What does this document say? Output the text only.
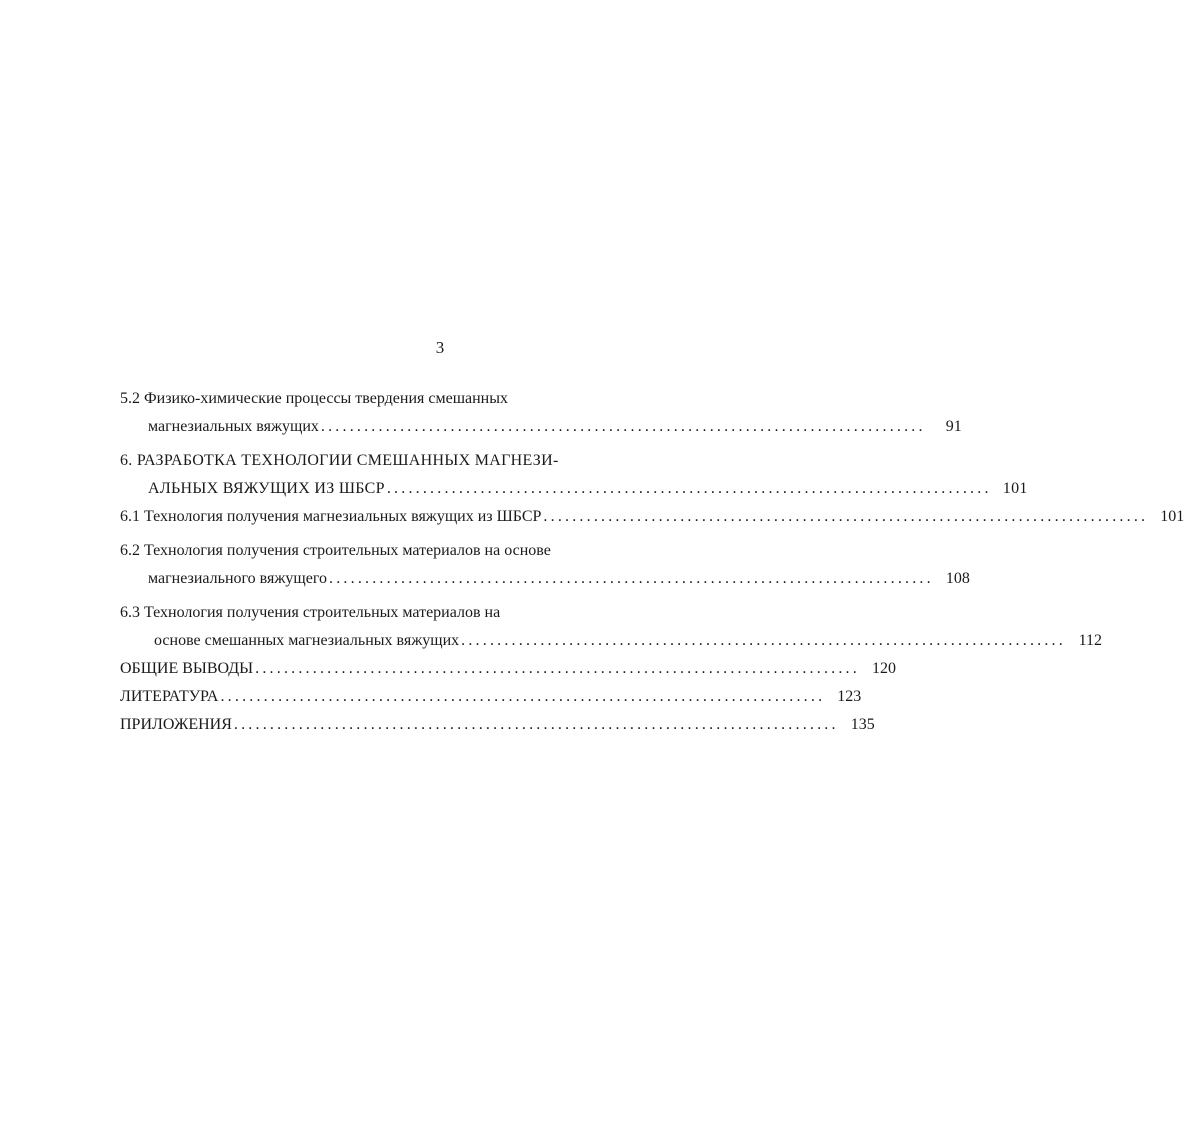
3
5.2 Физико-химические процессы твердения смешанных
магнезиальных вяжущих ....................................................................................	91
6. РАЗРАБОТКА ТЕХНОЛОГИИ СМЕШАННЫХ МАГНЕЗИ-
АЛЬНЫХ ВЯЖУЩИХ ИЗ ШБСР .................................................................................... 101
6.1 Технология получения магнезиальных вяжущих из ШБСР .................................................................................... 101
6.2 Технология получения строительных материалов на основе
магнезиального вяжущего .................................................................................... 108
6.3 Технология получения строительных материалов на
основе смешанных магнезиальных вяжущих .................................................................................... 112
ОБЩИЕ ВЫВОДЫ .................................................................................... 120
ЛИТЕРАТУРА .................................................................................... 123
ПРИЛОЖЕНИЯ .................................................................................... 135
